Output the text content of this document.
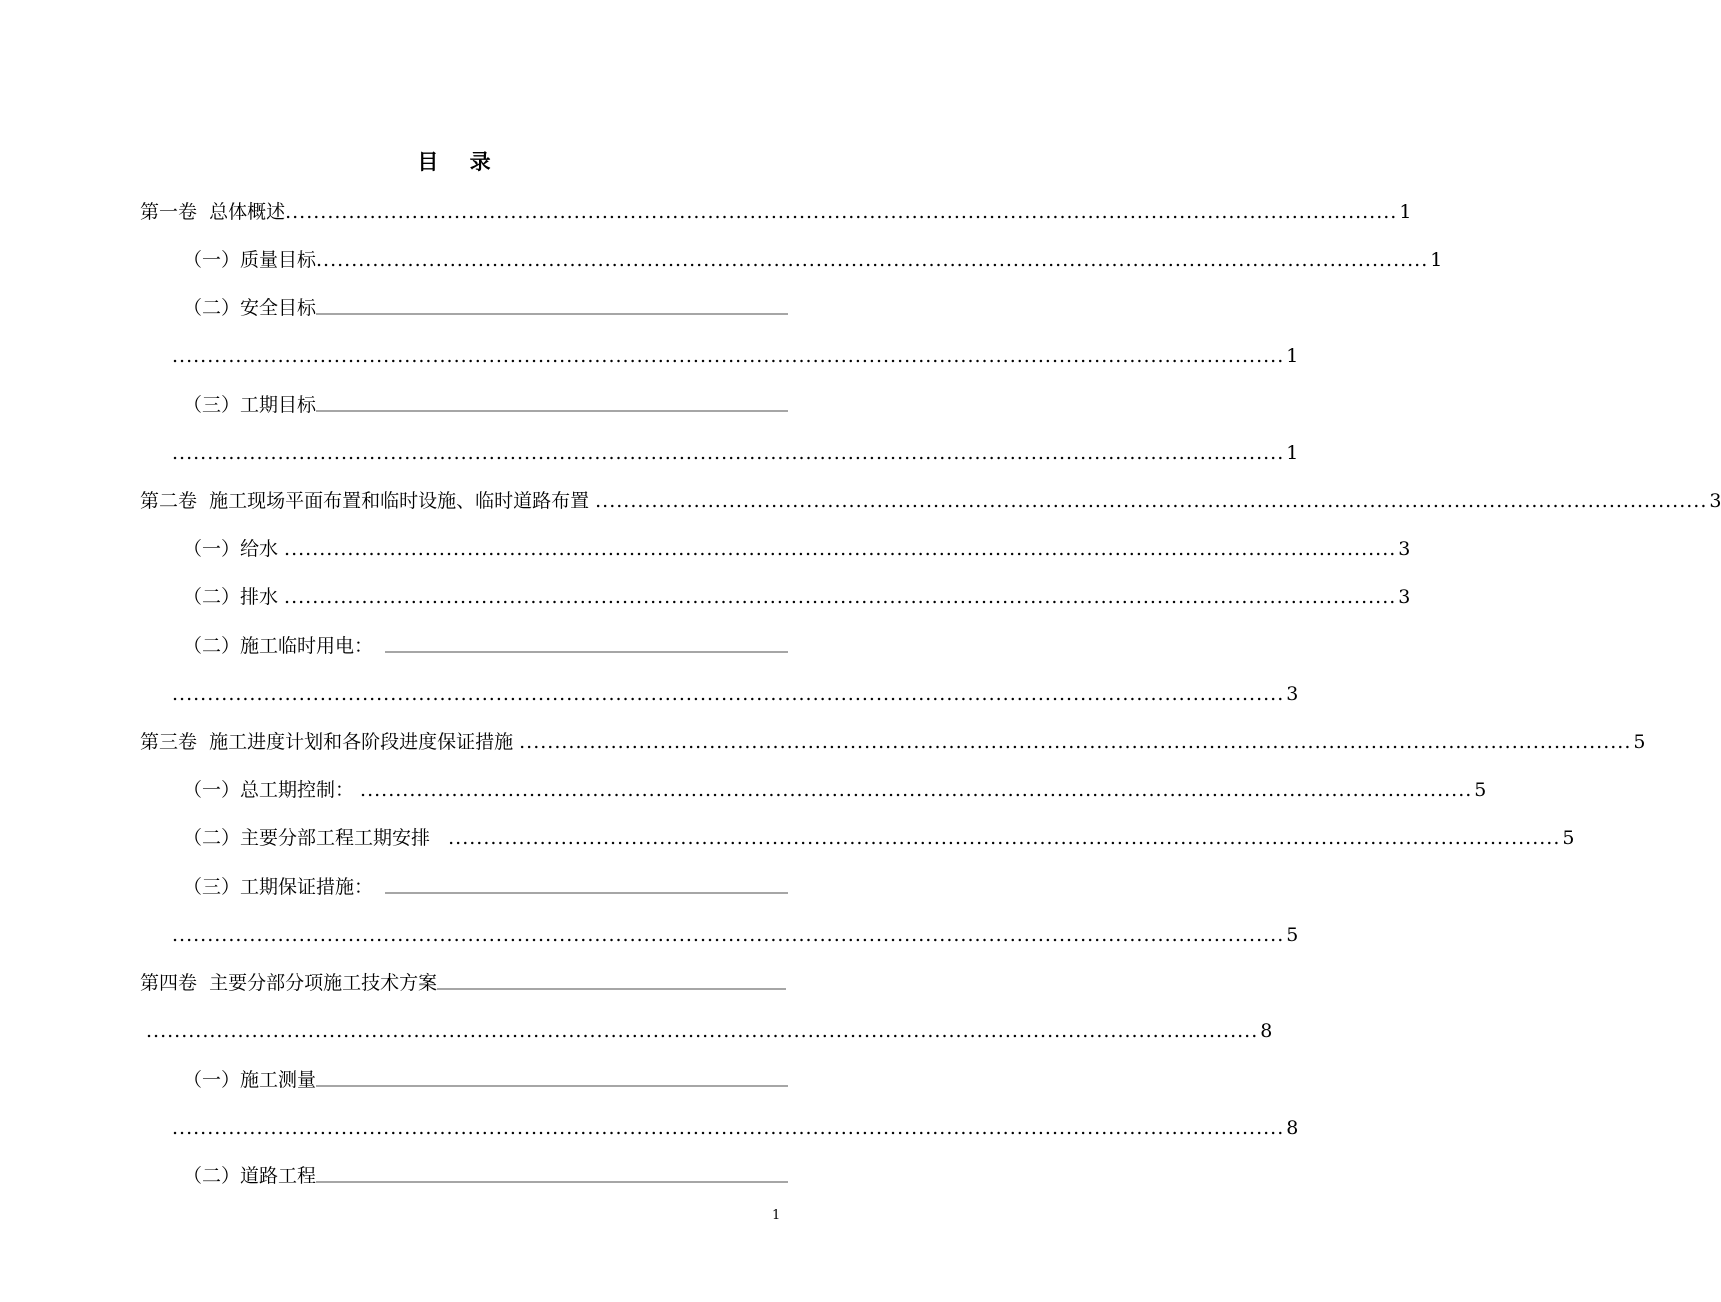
目 录
第一卷  总体概述 .............................................................................................................................................................. 1
（一）质量目标 .............................................................................................................................................................. 1
（二）安全目标
.............................................................................................................................................................. 1
（三）工期目标
.............................................................................................................................................................. 1
第二卷  施工现场平面布置和临时设施、临时道路布置 .............................................................................................................................................................. 3
（一）给水 .............................................................................................................................................................. 3
（二）排水 .............................................................................................................................................................. 3
（二）施工临时用电：
.............................................................................................................................................................. 3
第三卷  施工进度计划和各阶段进度保证措施 .............................................................................................................................................................. 5
（一）总工期控制： .............................................................................................................................................................. 5
（二）主要分部工程工期安排 .............................................................................................................................................................. 5
（三）工期保证措施：
.............................................................................................................................................................. 5
第四卷  主要分部分项施工技术方案
.............................................................................................................................................................. 8
（一）施工测量
.............................................................................................................................................................. 8
（二）道路工程
1
